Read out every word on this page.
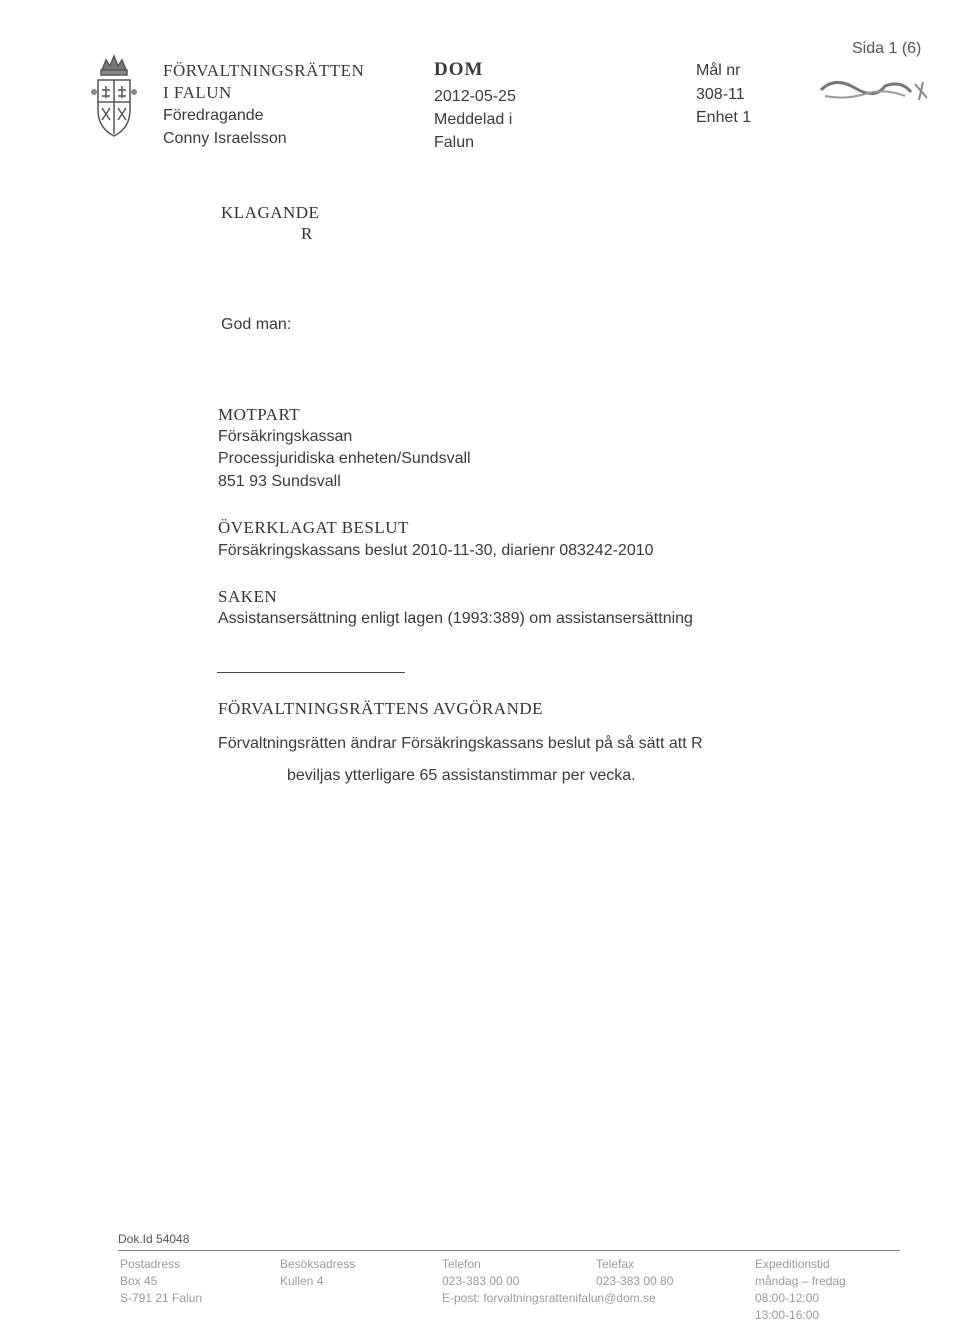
FÖRVALTNINGSRÄTTEN
I FALUN
Föredragande
Conny Israelsson
DOM
2012-05-25
Meddelad i
Falun
Mål nr
308-11
Enhet 1
Sida 1 (6)
KLAGANDE
R
God man:
MOTPART
Försäkringskassan
Processjuridiska enheten/Sundsvall
851 93 Sundsvall
ÖVERKLAGAT BESLUT
Försäkringskassans beslut 2010-11-30, diarienr 083242-2010
SAKEN
Assistansersättning enligt lagen (1993:389) om assistansersättning
FÖRVALTNINGSRÄTTENS AVGÖRANDE
Förvaltningsrätten ändrar Försäkringskassans beslut på så sätt att R
beviljas ytterligare 65 assistanstimmar per vecka.
Dok.Id 54048
Postadress
Box 45
S-791 21 Falun
Besöksadress
Kullen 4
Telefon
023-383 00 00
E-post: forvaltningsrattenifalun@dom.se
Telefax
023-383 00 80
Expeditionstid
måndag – fredag
08:00-12:00
13:00-16:00
